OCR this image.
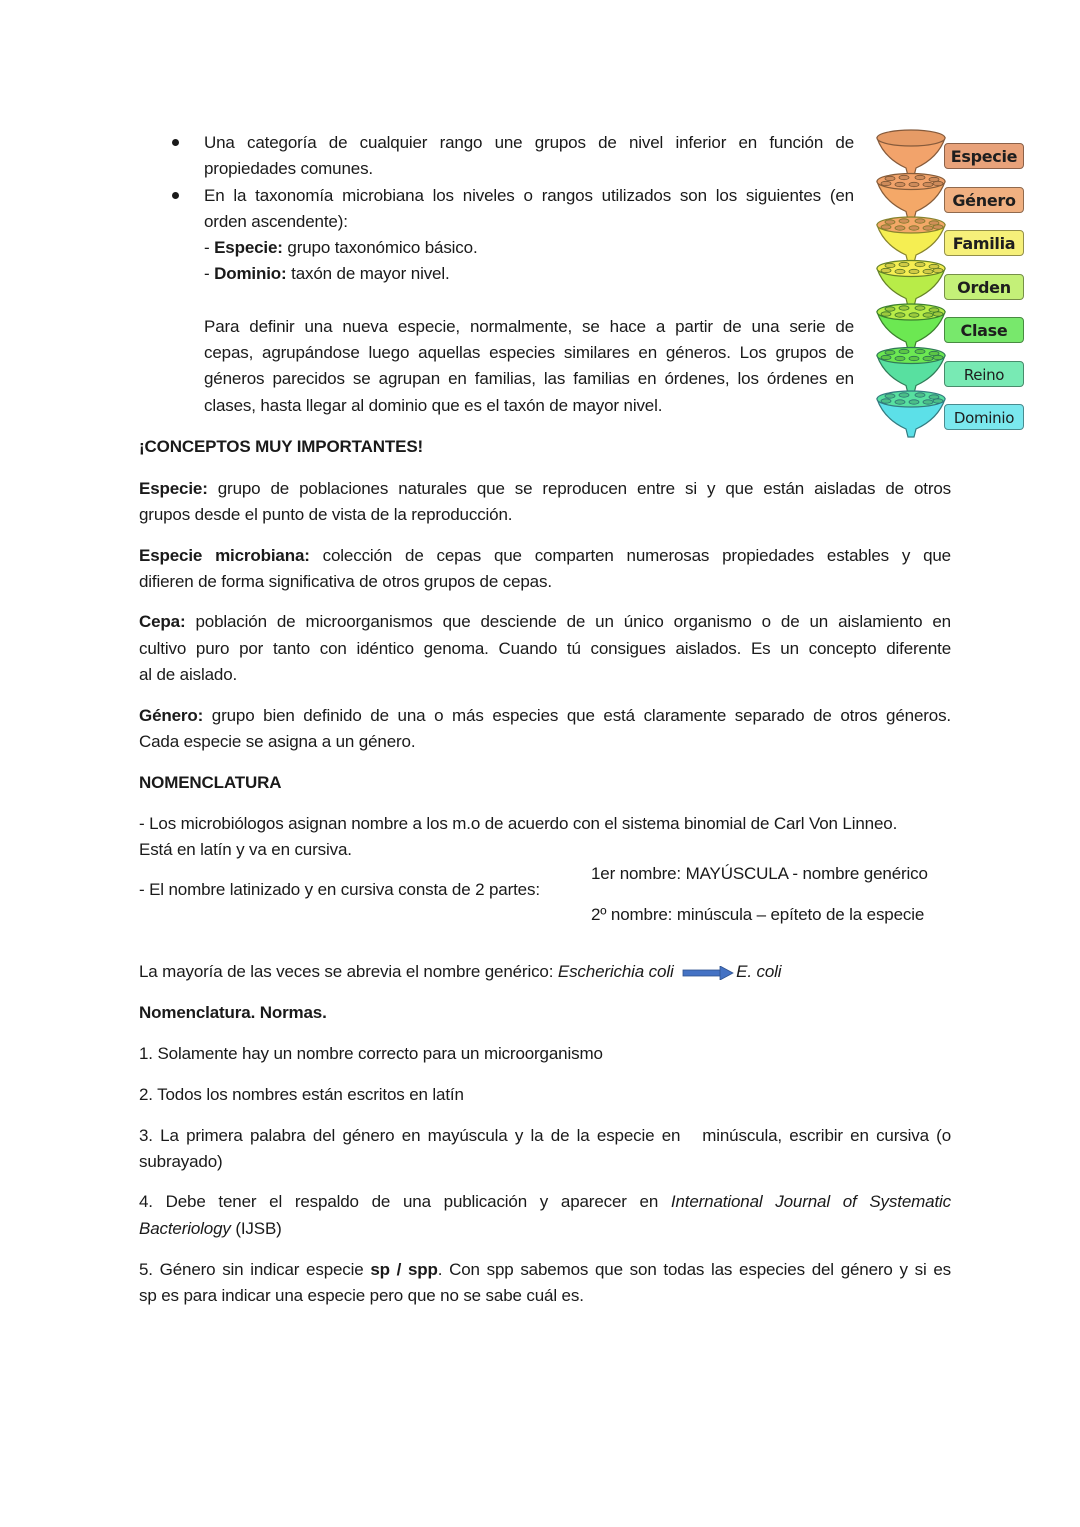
Una categoría de cualquier rango une grupos de nivel inferior en función de
propiedades comunes.
En la taxonomía microbiana los niveles o rangos utilizados son los siguientes (en
orden ascendente):
- Especie: grupo taxonómico básico.
- Dominio: taxón de mayor nivel.
Para definir una nueva especie, normalmente, se hace a partir de una serie de
cepas, agrupándose luego aquellas especies similares en géneros. Los grupos de
géneros parecidos se agrupan en familias, las familias en órdenes, los órdenes en
clases, hasta llegar al dominio que es el taxón de mayor nivel.
Especie
Género
Familia
Orden
Clase
Reino
Dominio
¡CONCEPTOS MUY IMPORTANTES!
Especie: grupo de poblaciones naturales que se reproducen entre si y que están aisladas de otros
grupos desde el punto de vista de la reproducción.
Especie microbiana: colección de cepas que comparten numerosas propiedades estables y que
difieren de forma significativa de otros grupos de cepas.
Cepa: población de microorganismos que desciende de un único organismo o de un aislamiento en
cultivo puro por tanto con idéntico genoma. Cuando tú consigues aislados. Es un concepto diferente
al de aislado.
Género: grupo bien definido de una o más especies que está claramente separado de otros géneros.
Cada especie se asigna a un género.
NOMENCLATURA
- Los microbiólogos asignan nombre a los m.o de acuerdo con el sistema binomial de Carl Von Linneo.
Está en latín y va en cursiva.
- El nombre latinizado y en cursiva consta de 2 partes:
1er nombre: MAYÚSCULA - nombre genérico
2º nombre: minúscula – epíteto de la especie
La mayoría de las veces se abrevia el nombre genérico: Escherichia coli	E. coli
Nomenclatura. Normas.
1. Solamente hay un nombre correcto para un microorganismo
2. Todos los nombres están escritos en latín
3. La primera palabra del género en mayúscula y la de la especie en   minúscula, escribir en cursiva (o
subrayado)
4. Debe tener el respaldo de una publicación y aparecer en International Journal of Systematic
Bacteriology (IJSB)
5. Género sin indicar especie sp / spp. Con spp sabemos que son todas las especies del género y si es
sp es para indicar una especie pero que no se sabe cuál es.
